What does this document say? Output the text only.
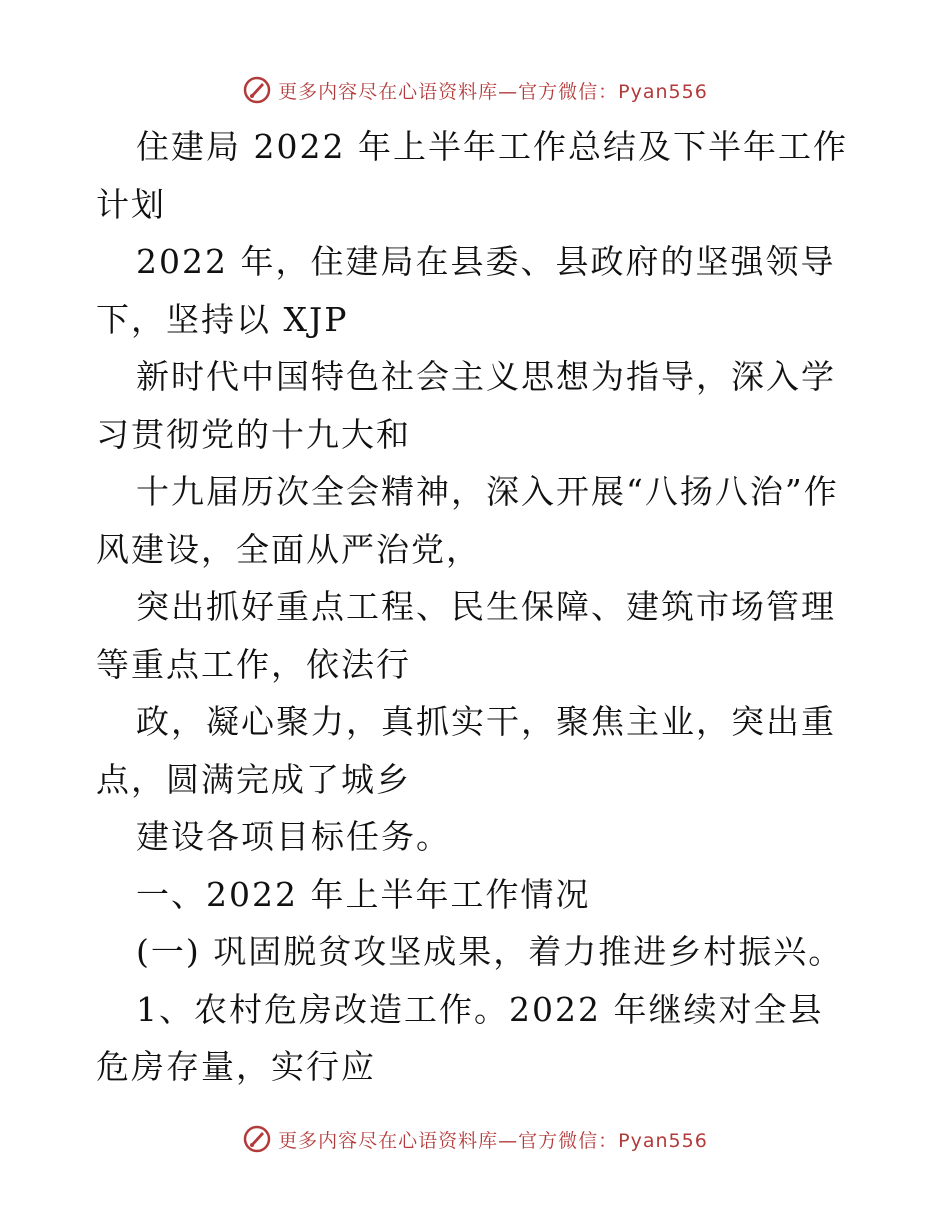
更多内容尽在心语资料库—官方微信：Pyan556

住建局 2022 年上半年工作总结及下半年工作计划

2022 年，住建局在县委、县政府的坚强领导下，坚持以 XJP

新时代中国特色社会主义思想为指导，深入学习贯彻党的十九大和

十九届历次全会精神，深入开展“八扬八治”作风建设，全面从严治党，

突出抓好重点工程、民生保障、建筑市场管理等重点工作，依法行

政，凝心聚力，真抓实干，聚焦主业，突出重点，圆满完成了城乡

建设各项目标任务。

一、2022 年上半年工作情况

(一) 巩固脱贫攻坚成果，着力推进乡村振兴。

1、农村危房改造工作。2022 年继续对全县危房存量，实行应

更多内容尽在心语资料库—官方微信：Pyan556
